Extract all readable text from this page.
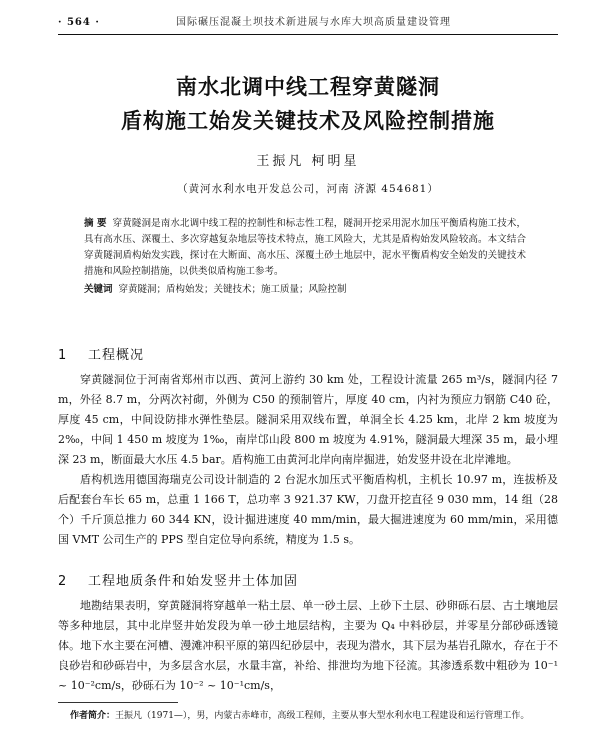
· 564 ·	国际碾压混凝土坝技术新进展与水库大坝高质量建设管理
南水北调中线工程穿黄隧洞
盾构施工始发关键技术及风险控制措施
王振凡 柯明星
（黄河水利水电开发总公司，河南 济源 454681）
摘 要 穿黄隧洞是南水北调中线工程的控制性和标志性工程，隧洞开挖采用泥水加压平衡盾构施工技术，具有高水压、深覆土、多次穿越复杂地层等技术特点，施工风险大，尤其是盾构始发风险较高。本文结合穿黄隧洞盾构始发实践，探讨在大断面、高水压、深覆土砂土地层中，泥水平衡盾构安全始发的关键技术措施和风险控制措施，以供类似盾构施工参考。
关键词 穿黄隧洞；盾构始发；关键技术；施工质量；风险控制
1 工程概况
穿黄隧洞位于河南省郑州市以西、黄河上游约 30 km 处，工程设计流量 265 m³/s，隧洞内径 7 m，外径 8.7 m，分两次衬砌，外侧为 C50 的预制管片，厚度 40 cm，内衬为预应力钢筋 C40 砼，厚度 45 cm，中间设防排水弹性垫层。隧洞采用双线布置，单洞全长 4.25 km，北岸 2 km 坡度为 2‰，中间 1 450 m 坡度为 1‰，南岸邙山段 800 m 坡度为 4.91%，隧洞最大埋深 35 m，最小埋深 23 m，断面最大水压 4.5 bar。盾构施工由黄河北岸向南岸掘进，始发竖井设在北岸滩地。
盾构机选用德国海瑞克公司设计制造的 2 台泥水加压式平衡盾构机，主机长 10.97 m，连拔桥及后配套台车长 65 m，总重 1 166 T，总功率 3 921.37 KW，刀盘开挖直径 9 030 mm，14 组（28 个）千斤顶总推力 60 344 KN，设计掘进速度 40 mm/min，最大掘进速度为 60 mm/min，采用德国 VMT 公司生产的 PPS 型自定位导向系统，精度为 1.5 s。
2 工程地质条件和始发竖井土体加固
地勘结果表明，穿黄隧洞将穿越单一粘土层、单一砂土层、上砂下土层、砂卵砾石层、古土壤地层等多种地层，其中北岸竖井始发段为单一砂土地层结构，主要为 Q₄ 中料砂层，并零星分部砂砾透镜体。地下水主要在河槽、漫滩冲积平原的第四纪砂层中，表现为潜水，其下层为基岩孔隙水，存在于不良砂岩和砂砾岩中，为多层含水层，水量丰富，补给、排泄均为地下径流。其渗透系数中粗砂为 10⁻¹ ~ 10⁻²cm/s，砂砾石为 10⁻² ~ 10⁻¹cm/s，
作者简介：王振凡（1971—），男，内蒙古赤峰市，高级工程师，主要从事大型水利水电工程建设和运行管理工作。
